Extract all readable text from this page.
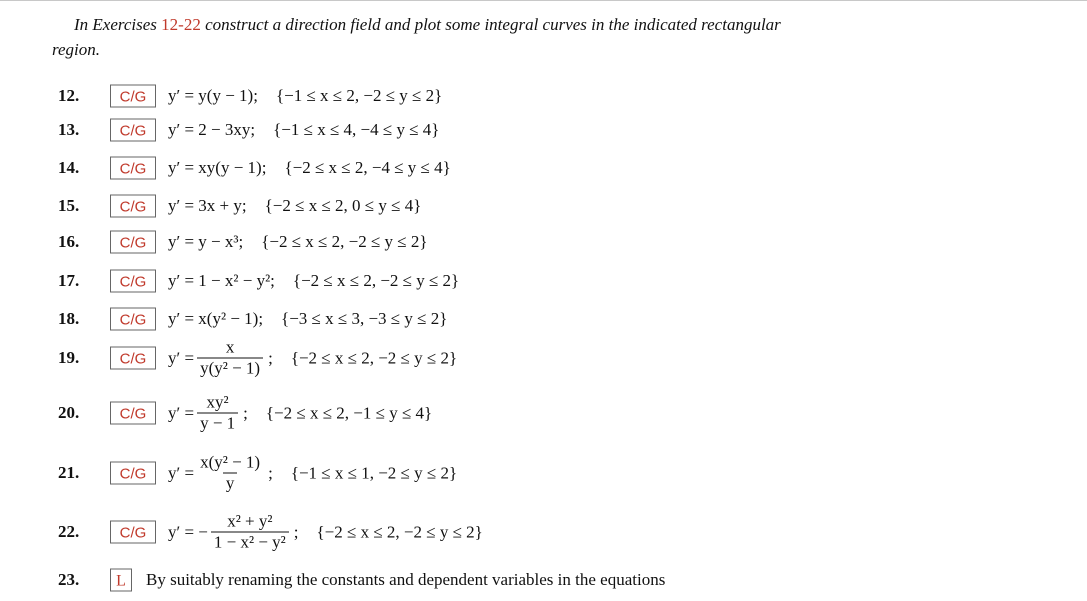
In Exercises 12-22 construct a direction field and plot some integral curves in the indicated rectangular
region.
12.	C/G	y′ = y(y − 1); {−1 ≤ x ≤ 2, −2 ≤ y ≤ 2}
13.	C/G	y′ = 2 − 3xy; {−1 ≤ x ≤ 4, −4 ≤ y ≤ 4}
14.	C/G	y′ = xy(y − 1); {−2 ≤ x ≤ 2, −4 ≤ y ≤ 4}
15.	C/G	y′ = 3x + y; {−2 ≤ x ≤ 2, 0 ≤ y ≤ 4}
16.	C/G	y′ = y − x³; {−2 ≤ x ≤ 2, −2 ≤ y ≤ 2}
17.	C/G	y′ = 1 − x² − y²; {−2 ≤ x ≤ 2, −2 ≤ y ≤ 2}
18.	C/G	y′ = x(y² − 1); {−3 ≤ x ≤ 3, −3 ≤ y ≤ 2}
19.	C/G	$y' = \frac{x}{\text{y(y² − 1)}}$ ; {−2 ≤ x ≤ 2, −2 ≤ y ≤ 2}
20.	C/G	$y' = \frac{\text{xy²}}{y - 1}$ ; {−2 ≤ x ≤ 2, −1 ≤ y ≤ 4}
21.	C/G	$y' = \frac{\text{x(y² − 1)}}{y}$ ; {−1 ≤ x ≤ 1, −2 ≤ y ≤ 2}
22.	C/G	y′ = − $\frac{\text{x² + y²}}{\text{1 − x² − y²}}$ ; {−2 ≤ x ≤ 2, −2 ≤ y ≤ 2}
23.	L	By suitably renaming the constants and dependent variables in the equations
